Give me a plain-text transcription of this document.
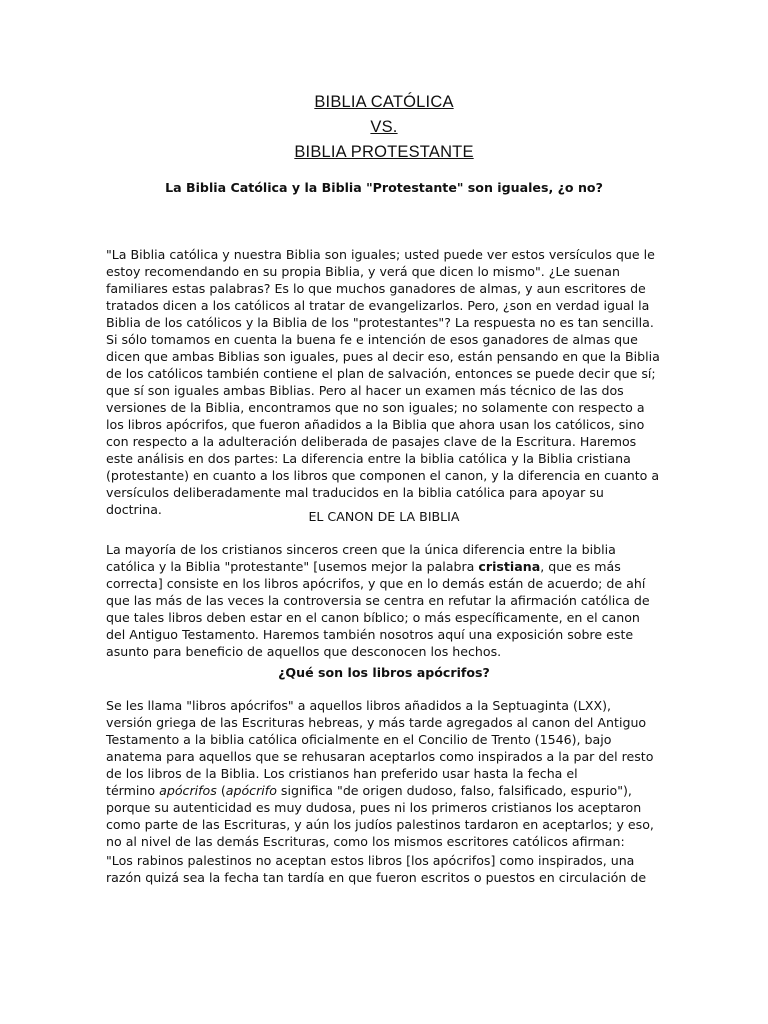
BIBLIA CATÓLICA
VS.
BIBLIA PROTESTANTE
La Biblia Católica y la Biblia "Protestante" son iguales, ¿o no?
"La Biblia católica y nuestra Biblia son iguales; usted puede ver estos versículos que le
estoy recomendando en su propia Biblia, y verá que dicen lo mismo". ¿Le suenan
familiares estas palabras? Es lo que muchos ganadores de almas, y aun escritores de
tratados dicen a los católicos al tratar de evangelizarlos. Pero, ¿son en verdad igual la
Biblia de los católicos y la Biblia de los "protestantes"? La respuesta no es tan sencilla.
Si sólo tomamos en cuenta la buena fe e intención de esos ganadores de almas que
dicen que ambas Biblias son iguales, pues al decir eso, están pensando en que la Biblia
de los católicos también contiene el plan de salvación, entonces se puede decir que sí;
que sí son iguales ambas Biblias. Pero al hacer un examen más técnico de las dos
versiones de la Biblia, encontramos que no son iguales; no solamente con respecto a
los libros apócrifos, que fueron añadidos a la Biblia que ahora usan los católicos, sino
con respecto a la adulteración deliberada de pasajes clave de la Escritura. Haremos
este análisis en dos partes: La diferencia entre la biblia católica y la Biblia cristiana
(protestante) en cuanto a los libros que componen el canon, y la diferencia en cuanto a
versículos deliberadamente mal traducidos en la biblia católica para apoyar su
doctrina.	EL CANON DE LA BIBLIA
La mayoría de los cristianos sinceros creen que la única diferencia entre la biblia
católica y la Biblia "protestante" [usemos mejor la palabra cristiana, que es más
correcta] consiste en los libros apócrifos, y que en lo demás están de acuerdo; de ahí
que las más de las veces la controversia se centra en refutar la afirmación católica de
que tales libros deben estar en el canon bíblico; o más específicamente, en el canon
del Antiguo Testamento. Haremos también nosotros aquí una exposición sobre este
asunto para beneficio de aquellos que desconocen los hechos.
¿Qué son los libros apócrifos?
Se les llama "libros apócrifos" a aquellos libros añadidos a la Septuaginta (LXX),
versión griega de las Escrituras hebreas, y más tarde agregados al canon del Antiguo
Testamento a la biblia católica oficialmente en el Concilio de Trento (1546), bajo
anatema para aquellos que se rehusaran aceptarlos como inspirados a la par del resto
de los libros de la Biblia. Los cristianos han preferido usar hasta la fecha el
término apócrifos (apócrifo significa "de origen dudoso, falso, falsificado, espurio"),
porque su autenticidad es muy dudosa, pues ni los primeros cristianos los aceptaron
como parte de las Escrituras, y aún los judíos palestinos tardaron en aceptarlos; y eso,
no al nivel de las demás Escrituras, como los mismos escritores católicos afirman:
"Los rabinos palestinos no aceptan estos libros [los apócrifos] como inspirados, una
razón quizá sea la fecha tan tardía en que fueron escritos o puestos en circulación de
